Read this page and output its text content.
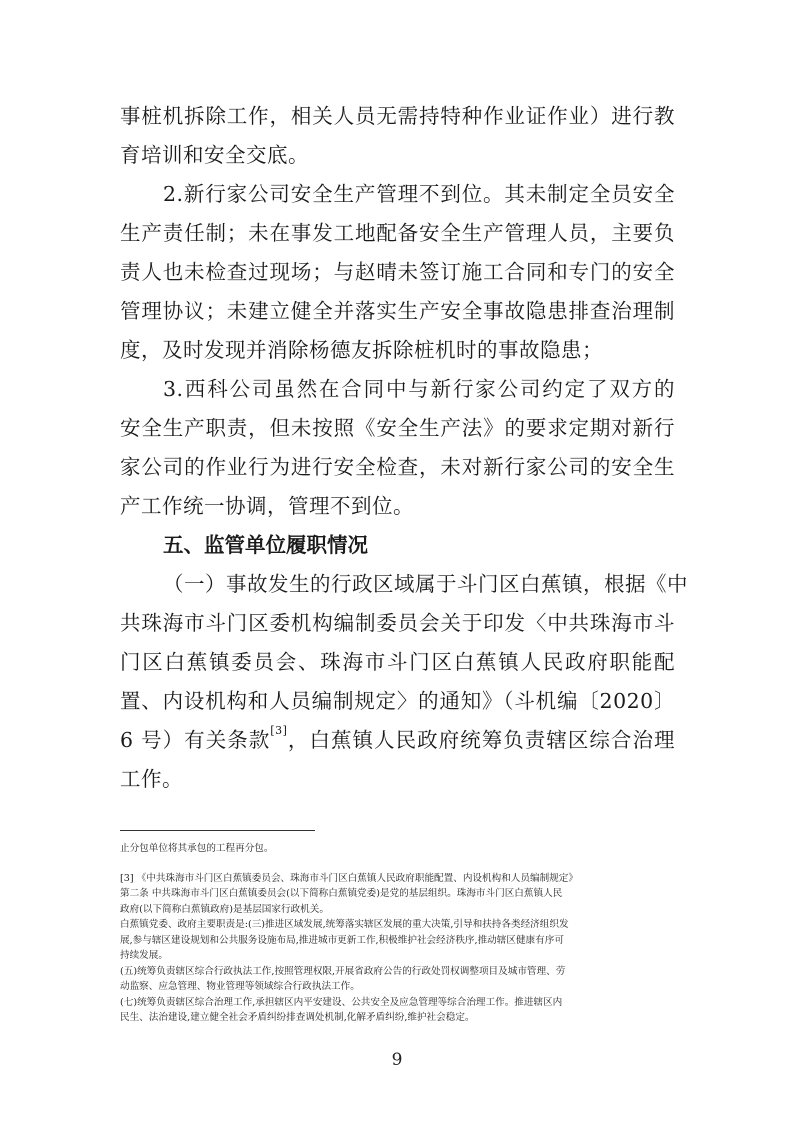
事桩机拆除工作，相关人员无需持特种作业证作业）进行教
育培训和安全交底。
2.新行家公司安全生产管理不到位。其未制定全员安全
生产责任制；未在事发工地配备安全生产管理人员，主要负
责人也未检查过现场；与赵晴未签订施工合同和专门的安全
管理协议；未建立健全并落实生产安全事故隐患排查治理制
度，及时发现并消除杨德友拆除桩机时的事故隐患；
3.西科公司虽然在合同中与新行家公司约定了双方的
安全生产职责，但未按照《安全生产法》的要求定期对新行
家公司的作业行为进行安全检查，未对新行家公司的安全生
产工作统一协调，管理不到位。
五、监管单位履职情况
（一）事故发生的行政区域属于斗门区白蕉镇，根据《中
共珠海市斗门区委机构编制委员会关于印发〈中共珠海市斗
门区白蕉镇委员会、珠海市斗门区白蕉镇人民政府职能配
置、内设机构和人员编制规定〉的通知》（斗机编〔2020〕
6 号）有关条款[3]，白蕉镇人民政府统筹负责辖区综合治理
工作。
止分包单位将其承包的工程再分包。
[3] 《中共珠海市斗门区白蕉镇委员会、珠海市斗门区白蕉镇人民政府职能配置、内设机构和人员编制规定》
第二条 中共珠海市斗门区白蕉镇委员会(以下简称白蕉镇党委)是党的基层组织。珠海市斗门区白蕉镇人民
政府(以下简称白蕉镇政府)是基层国家行政机关。
白蕉镇党委、政府主要职责是:(三)推进区域发展,统筹落实辖区发展的重大决策,引导和扶持各类经济组织发
展,参与辖区建设规划和公共服务设施布局,推进城市更新工作,积极维护社会经济秩序,推动辖区健康有序可
持续发展。
(五)统筹负责辖区综合行政执法工作,按照管理权限,开展省政府公告的行政处罚权调整项目及城市管理、劳
动监察、应急管理、物业管理等领域综合行政执法工作。
(七)统筹负责辖区综合治理工作,承担辖区内平安建设、公共安全及应急管理等综合治理工作。推进辖区内
民生、法治建设,建立健全社会矛盾纠纷排查调处机制,化解矛盾纠纷,维护社会稳定。
9
